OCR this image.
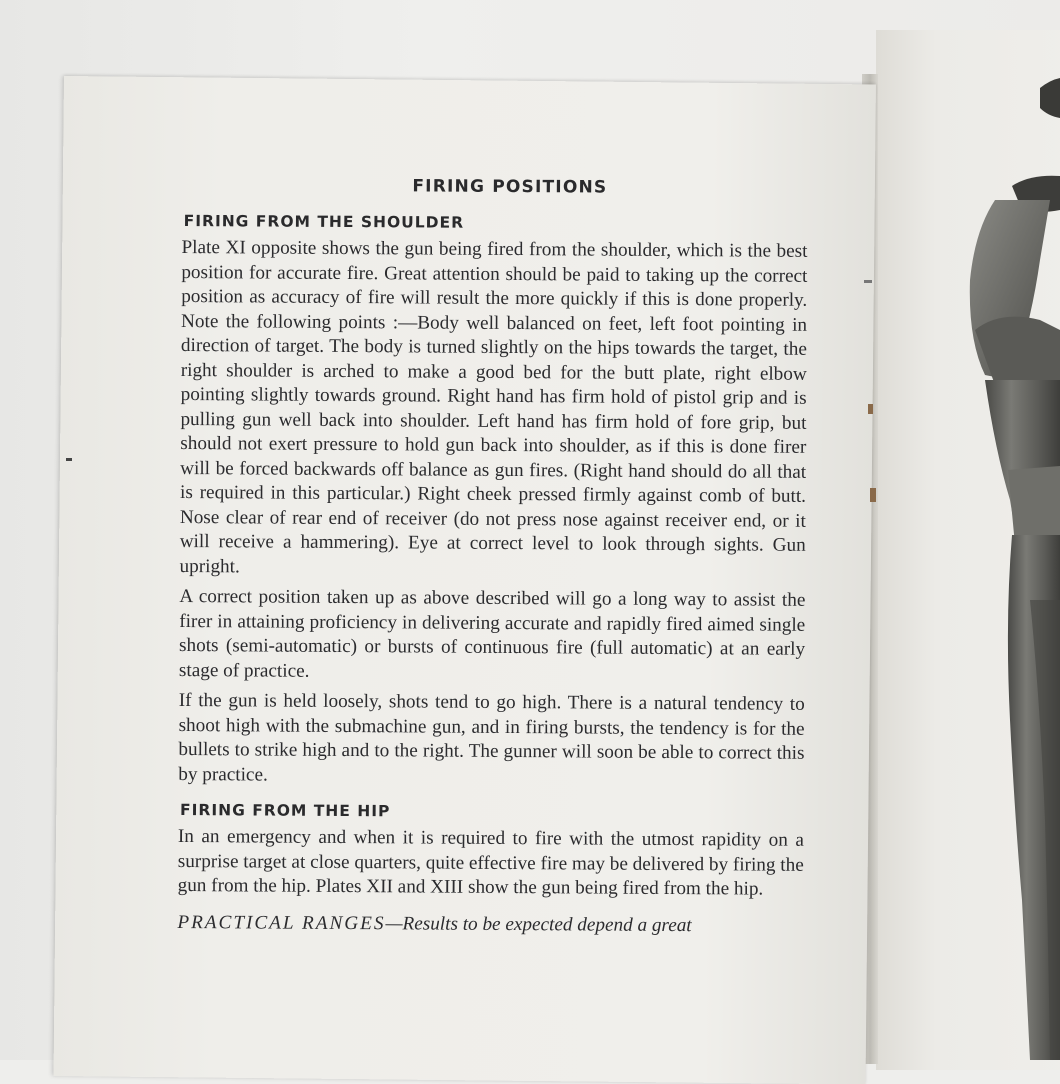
FIRING POSITIONS
FIRING FROM THE SHOULDER

Plate XI opposite shows the gun being fired from the shoulder, which is the best position for accurate fire. Great attention should be paid to taking up the correct position as accuracy of fire will result the more quickly if this is done properly. Note the following points :—Body well balanced on feet, left foot pointing in direction of target. The body is turned slightly on the hips towards the target, the right shoulder is arched to make a good bed for the butt plate, right elbow pointing slightly towards ground. Right hand has firm hold of pistol grip and is pulling gun well back into shoulder. Left hand has firm hold of fore grip, but should not exert pressure to hold gun back into shoulder, as if this is done firer will be forced backwards off balance as gun fires. (Right hand should do all that is required in this particular.) Right cheek pressed firmly against comb of butt. Nose clear of rear end of receiver (do not press nose against receiver end, or it will receive a hammering). Eye at correct level to look through sights. Gun upright.

A correct position taken up as above described will go a long way to assist the firer in attaining proficiency in delivering accurate and rapidly fired aimed single shots (semi-automatic) or bursts of continuous fire (full automatic) at an early stage of practice.

If the gun is held loosely, shots tend to go high. There is a natural tendency to shoot high with the submachine gun, and in firing bursts, the tendency is for the bullets to strike high and to the right. The gunner will soon be able to correct this by practice.

FIRING FROM THE HIP

In an emergency and when it is required to fire with the utmost rapidity on a surprise target at close quarters, quite effective fire may be delivered by firing the gun from the hip. Plates XII and XIII show the gun being fired from the hip.

PRACTICAL RANGES—Results to be expected depend a great
